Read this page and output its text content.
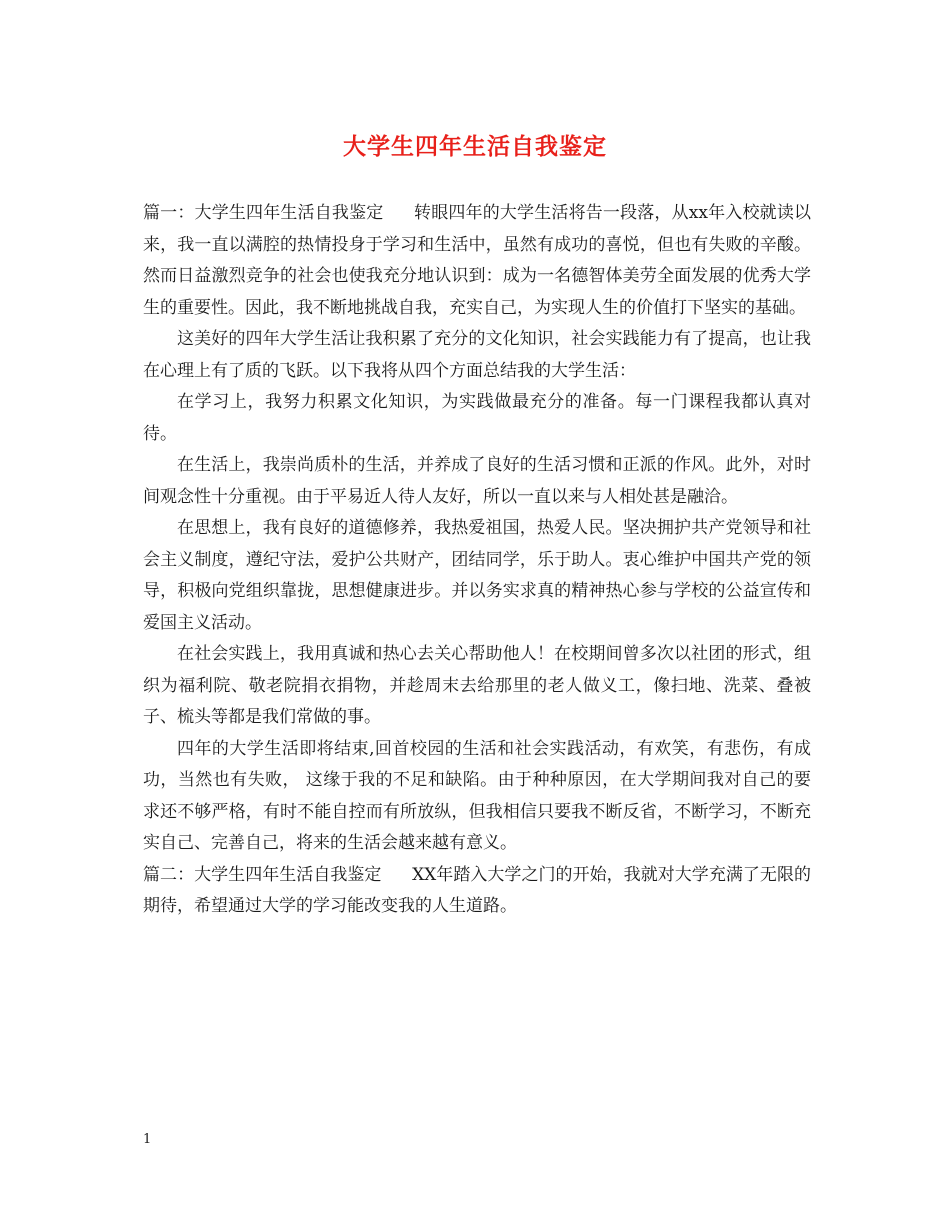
大学生四年生活自我鉴定

篇一：大学生四年生活自我鉴定 转眼四年的大学生活将告一段落，从xx年入校就读以来，我一直以满腔的热情投身于学习和生活中，虽然有成功的喜悦，但也有失败的辛酸。然而日益激烈竞争的社会也使我充分地认识到：成为一名德智体美劳全面发展的优秀大学生的重要性。因此，我不断地挑战自我，充实自己，为实现人生的价值打下坚实的基础。

这美好的四年大学生活让我积累了充分的文化知识，社会实践能力有了提高，也让我在心理上有了质的飞跃。以下我将从四个方面总结我的大学生活：

在学习上，我努力积累文化知识，为实践做最充分的准备。每一门课程我都认真对待。

在生活上，我崇尚质朴的生活，并养成了良好的生活习惯和正派的作风。此外，对时间观念性十分重视。由于平易近人待人友好，所以一直以来与人相处甚是融洽。

在思想上，我有良好的道德修养，我热爱祖国，热爱人民。坚决拥护共产党领导和社会主义制度，遵纪守法，爱护公共财产，团结同学，乐于助人。衷心维护中国共产党的领导，积极向党组织靠拢，思想健康进步。并以务实求真的精神热心参与学校的公益宣传和爱国主义活动。

在社会实践上，我用真诚和热心去关心帮助他人！在校期间曾多次以社团的形式，组织为福利院、敬老院捐衣捐物，并趁周末去给那里的老人做义工，像扫地、洗菜、叠被子、梳头等都是我们常做的事。

四年的大学生活即将结束,回首校园的生活和社会实践活动，有欢笑，有悲伤，有成功，当然也有失败， 这缘于我的不足和缺陷。由于种种原因，在大学期间我对自己的要求还不够严格，有时不能自控而有所放纵，但我相信只要我不断反省，不断学习，不断充实自己、完善自己，将来的生活会越来越有意义。

篇二：大学生四年生活自我鉴定 XX年踏入大学之门的开始，我就对大学充满了无限的期待，希望通过大学的学习能改变我的人生道路。

1
